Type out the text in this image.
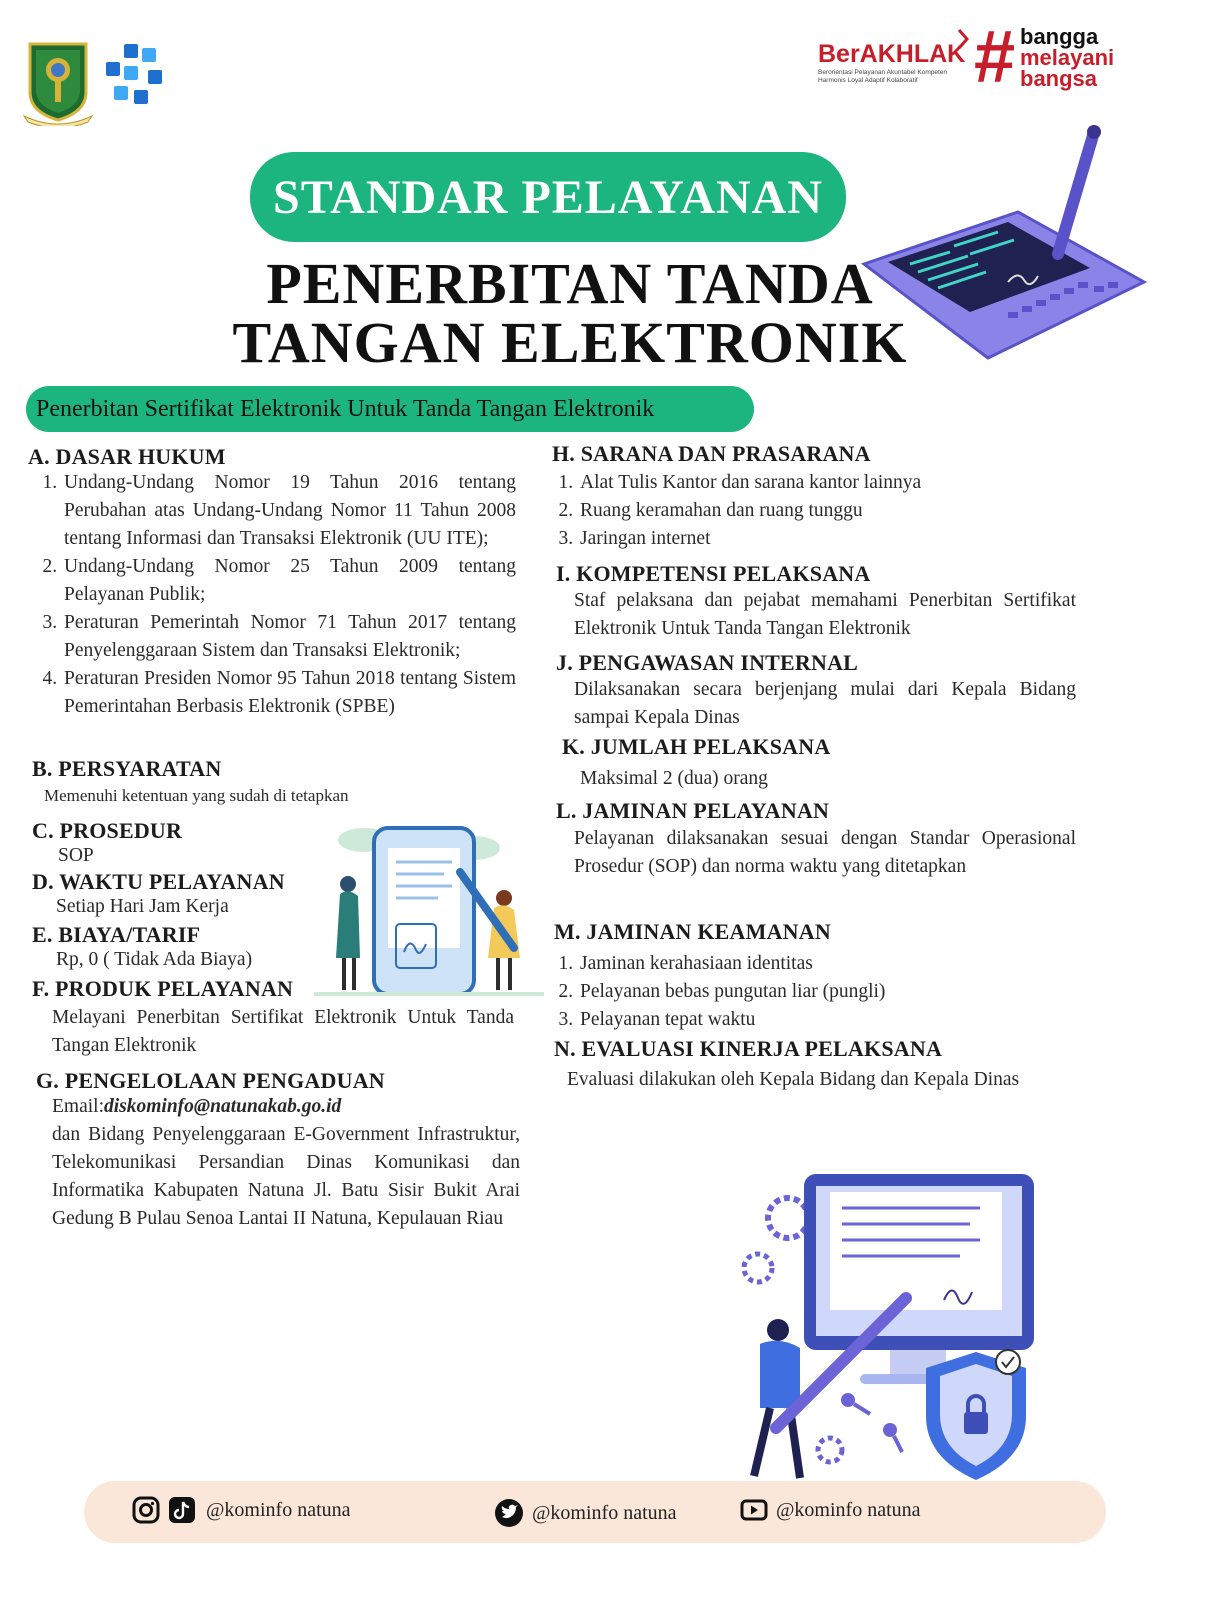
BerAKHLAK
Berorientasi Pelayanan Akuntabel Kompeten
Harmonis Loyal Adaptif Kolaboratif # bangga
melayani
bangsa
STANDAR PELAYANAN
PENERBITAN TANDA
TANGAN ELEKTRONIK
Penerbitan Sertifikat Elektronik Untuk Tanda Tangan Elektronik
A. DASAR HUKUM
1. Undang-Undang Nomor 19 Tahun 2016 tentang Perubahan atas Undang-Undang Nomor 11 Tahun 2008 tentang Informasi dan Transaksi Elektronik (UU ITE);
2. Undang-Undang Nomor 25 Tahun 2009 tentang Pelayanan Publik;
3. Peraturan Pemerintah Nomor 71 Tahun 2017 tentang Penyelenggaraan Sistem dan Transaksi Elektronik;
4. Peraturan Presiden Nomor 95 Tahun 2018 tentang Sistem Pemerintahan Berbasis Elektronik (SPBE)
B. PERSYARATAN
Memenuhi ketentuan yang sudah di tetapkan
C. PROSEDUR
SOP
D. WAKTU PELAYANAN
Setiap Hari Jam Kerja
E. BIAYA/TARIF
Rp, 0 ( Tidak Ada Biaya)
F. PRODUK PELAYANAN
Melayani Penerbitan Sertifikat Elektronik Untuk Tanda Tangan Elektronik
G. PENGELOLAAN PENGADUAN
Email:diskominfo@natunakab.go.id
dan Bidang Penyelenggaraan E-Government Infrastruktur, Telekomunikasi Persandian Dinas Komunikasi dan Informatika Kabupaten Natuna Jl. Batu Sisir Bukit Arai Gedung B Pulau Senoa Lantai II Natuna, Kepulauan Riau
H. SARANA DAN PRASARANA
1. Alat Tulis Kantor dan sarana kantor lainnya
2. Ruang keramahan dan ruang tunggu
3. Jaringan internet
I. KOMPETENSI PELAKSANA
Staf pelaksana dan pejabat memahami Penerbitan Sertifikat Elektronik Untuk Tanda Tangan Elektronik
J. PENGAWASAN INTERNAL
Dilaksanakan secara berjenjang mulai dari Kepala Bidang sampai Kepala Dinas
K. JUMLAH PELAKSANA
Maksimal 2 (dua) orang
L. JAMINAN PELAYANAN
Pelayanan dilaksanakan sesuai dengan Standar Operasional Prosedur (SOP) dan norma waktu yang ditetapkan
M. JAMINAN KEAMANAN
1. Jaminan kerahasiaan identitas
2. Pelayanan bebas pungutan liar (pungli)
3. Pelayanan tepat waktu
N. EVALUASI KINERJA PELAKSANA
Evaluasi dilakukan oleh Kepala Bidang dan Kepala Dinas
@kominfo natuna	@kominfo natuna	@kominfo natuna
